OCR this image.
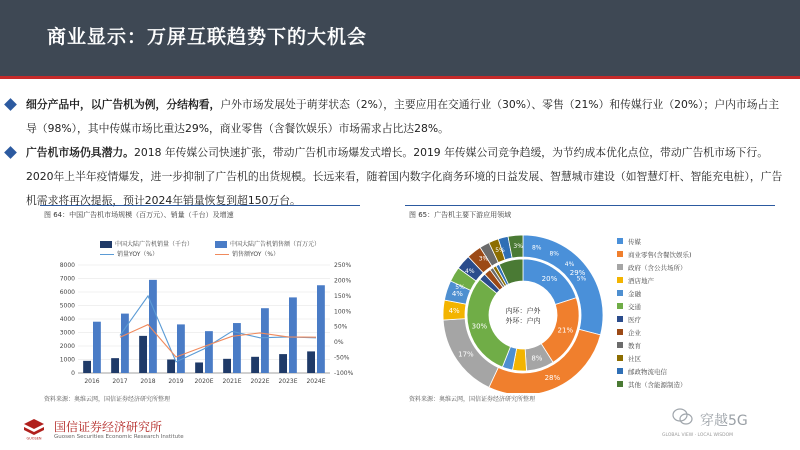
商业显示：万屏互联趋势下的大机会
细分产品中，以广告机为例，分结构看，户外市场发展处于萌芽状态（2%），主要应用在交通行业（30%）、零售（21%）和传媒行业（20%）；户内市场占主导（98%），其中传媒市场比重达29%，商业零售（含餐饮娱乐）市场需求占比达28%。
广告机市场仍具潜力。2018 年传媒公司快速扩张，带动广告机市场爆发式增长。2019 年传媒公司竞争趋缓，为节约成本优化点位，带动广告机市场下行。2020年上半年疫情爆发，进一步抑制了广告机的出货规模。长远来看，随着国内数字化商务环境的日益发展、智慧城市建设（如智慧灯杆、智能充电桩），广告机需求将再次提振，预计2024年销量恢复到超150万台。
图 64：中国广告机市场规模（百万元）、销量（千台）及增速
中国大陆广告机销量（千台）	中国大陆广告机销售额（百万元）
销量YOY（%）	销售额YOY（%）
0
1000
2000
3000
4000
5000
6000
7000
8000
-100%
-50%
0%
50%
100%
150%
200%
250%
2016 2017 2018 2019 2020E 2021E 2022E 2023E 2024E
资料来源：奥维云网，国信证券经济研究所整理
图 65：广告机主要下游应用领域
29%
28%
17%
4%
4%
20%
21%
8%
30%
内环：户外
外环：户内
5%
4%
3%
5%
3% 8%
8%
4%
5%
传媒
商业零售(含餐饮娱乐)
政府（含公共场所）
酒店地产
金融
交通
医疗
企业
教育
社区
邮政物流电信
其他（含能源制造）
资料来源：奥维云网，国信证券经济研究所整理
GUOSEN
国信证券经济研究所
Guosen Securities Economic Research Institute
穿越5G
GLOBAL VIEW · LOCAL WISDOM
